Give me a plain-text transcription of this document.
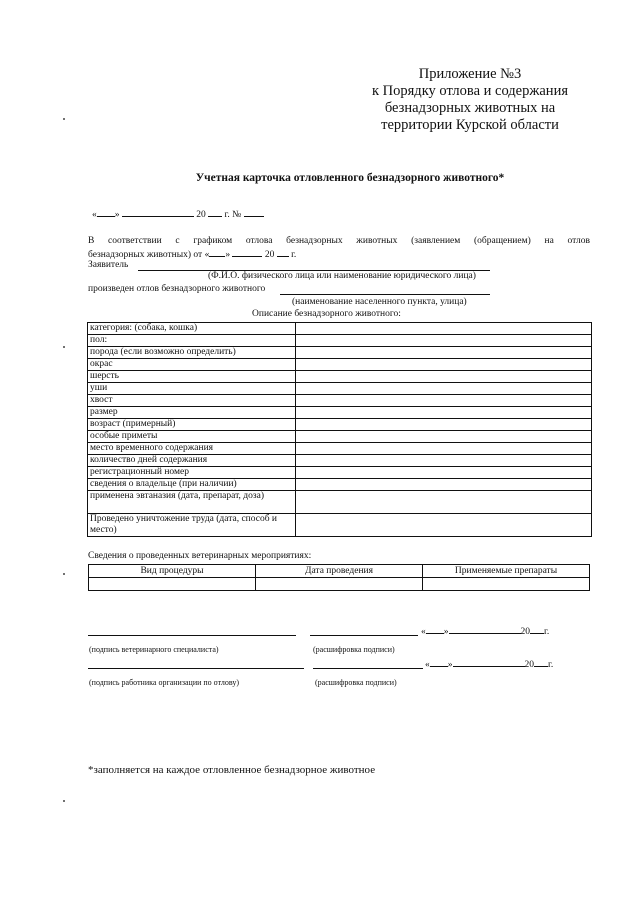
Приложение №3
к Порядку отлова и содержания
безнадзорных животных на
территории Курской области
Учетная карточка отловленного безнадзорного животного*
« »	20 г. №
В соответствии с графиком отлова безнадзорных животных (заявлением (обращением) на отлов
безнадзорных животных) от « »	20 г.
Заявитель
(Ф.И.О. физического лица или наименование юридического лица)
произведен отлов безнадзорного животного
(наименование населенного пункта, улица)
Описание безнадзорного животного:
категория: (собака, кошка)	
пол:	
порода (если возможно определить)	
окрас	
шерсть	
уши	
хвост	
размер	
возраст (примерный)	
особые приметы	
место временного содержания	
количество дней содержания	
регистрационный номер	
сведения о владельце (при наличии)	
применена эвтаназия (дата, препарат, доза)	
Проведено уничтожение труда (дата, способ и место)	
Сведения о проведенных ветеринарных мероприятиях:
Вид процедуры	Дата проведения	Применяемые препараты

« »	20 г.
(подпись ветеринарного специалиста)	(расшифровка подписи)
« »	20 г.
(подпись работника организации по отлову)	(расшифровка подписи)
*заполняется на каждое отловленное безнадзорное животное
